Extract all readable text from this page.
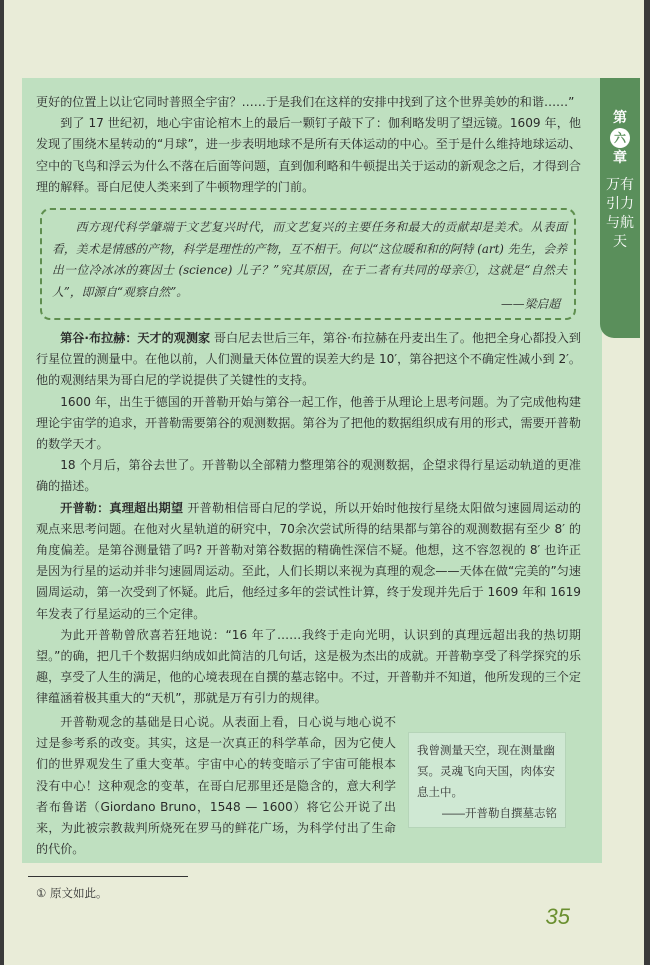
第
六
章
万有引力与航天

更好的位置上以让它同时普照全宇宙？……于是我们在这样的安排中找到了这个世界美妙的和谐……”

到了 17 世纪初，地心宇宙论棺木上的最后一颗钉子敲下了：伽利略发明了望远镜。1609 年，他发现了围绕木星转动的“月球”，进一步表明地球不是所有天体运动的中心。至于是什么维持地球运动、空中的飞鸟和浮云为什么不落在后面等问题，直到伽利略和牛顿提出关于运动的新观念之后，才得到合理的解释。哥白尼使人类来到了牛顿物理学的门前。

西方现代科学肇端于文艺复兴时代，而文艺复兴的主要任务和最大的贡献却是美术。从表面看，美术是情感的产物，科学是理性的产物，互不相干。何以“这位暖和和的阿特 (art) 先生，会养出一位冷冰冰的赛因士 (science) 儿子？”究其原因，在于二者有共同的母亲①，这就是“自然夫人”，即源自“观察自然”。

——梁启超

第谷·布拉赫：天才的观测家 哥白尼去世后三年，第谷·布拉赫在丹麦出生了。他把全身心都投入到行星位置的测量中。在他以前，人们测量天体位置的误差大约是 10′，第谷把这个不确定性减小到 2′。他的观测结果为哥白尼的学说提供了关键性的支持。

1600 年，出生于德国的开普勒开始与第谷一起工作，他善于从理论上思考问题。为了完成他构建理论宇宙学的追求，开普勒需要第谷的观测数据。第谷为了把他的数据组织成有用的形式，需要开普勒的数学天才。

18 个月后，第谷去世了。开普勒以全部精力整理第谷的观测数据，企望求得行星运动轨道的更准确的描述。

开普勒：真理超出期望 开普勒相信哥白尼的学说，所以开始时他按行星绕太阳做匀速圆周运动的观点来思考问题。在他对火星轨道的研究中，70余次尝试所得的结果都与第谷的观测数据有至少 8′ 的角度偏差。是第谷测量错了吗? 开普勒对第谷数据的精确性深信不疑。他想，这不容忽视的 8′ 也许正是因为行星的运动并非匀速圆周运动。至此，人们长期以来视为真理的观念——天体在做“完美的”匀速圆周运动，第一次受到了怀疑。此后，他经过多年的尝试性计算，终于发现并先后于 1609 年和 1619 年发表了行星运动的三个定律。

为此开普勒曾欣喜若狂地说：“16 年了……我终于走向光明，认识到的真理远超出我的热切期望。”的确，把几千个数据归纳成如此简洁的几句话，这是极为杰出的成就。开普勒享受了科学探究的乐趣，享受了人生的满足，他的心境表现在自撰的墓志铭中。不过，开普勒并不知道，他所发现的三个定律蕴涵着极其重大的“天机”，那就是万有引力的规律。

开普勒观念的基础是日心说。从表面上看，日心说与地心说不过是参考系的改变。其实，这是一次真正的科学革命，因为它使人们的世界观发生了重大变革。宇宙中心的转变暗示了宇宙可能根本没有中心！这种观念的变革，在哥白尼那里还是隐含的，意大利学者布鲁诺（Giordano Bruno，1548 — 1600）将它公开说了出来，为此被宗教裁判所烧死在罗马的鲜花广场，为科学付出了生命的代价。

我曾测量天空，现在测量幽冥。灵魂飞向天国，肉体安息土中。
——开普勒自撰墓志铭
① 原文如此。
35
